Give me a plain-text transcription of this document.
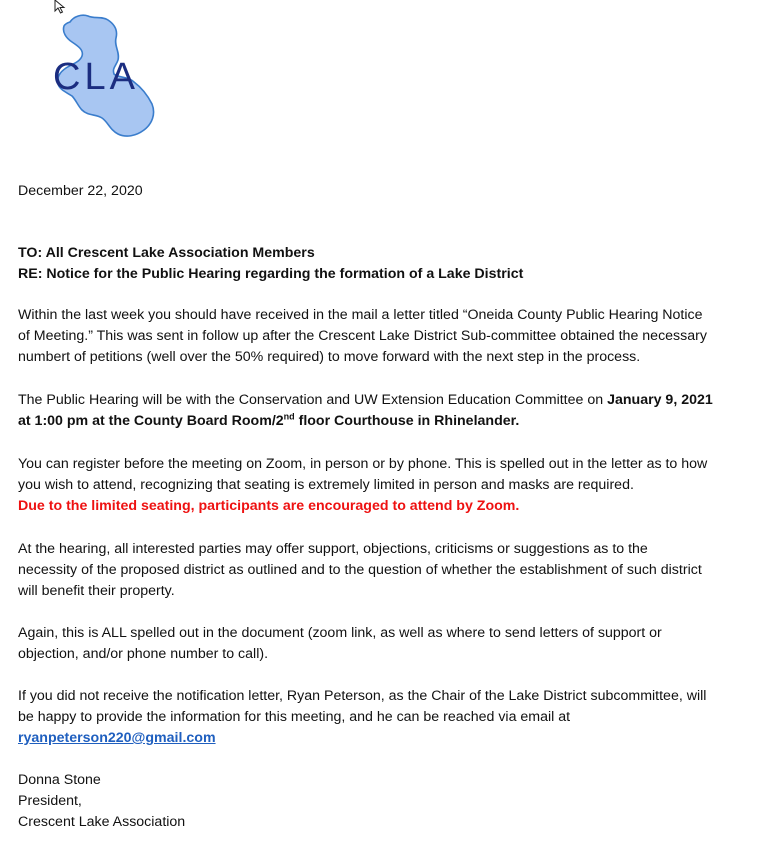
CLA
December 22, 2020
TO: All Crescent Lake Association Members
RE: Notice for the Public Hearing regarding the formation of a Lake District
Within the last week you should have received in the mail a letter titled “Oneida County Public Hearing Notice
of Meeting.” This was sent in follow up after the Crescent Lake District Sub-committee obtained the necessary
numbert of petitions (well over the 50% required) to move forward with the next step in the process.
The Public Hearing will be with the Conservation and UW Extension Education Committee on January 9, 2021
at 1:00 pm at the County Board Room/2nd floor Courthouse in Rhinelander.
You can register before the meeting on Zoom, in person or by phone. This is spelled out in the letter as to how
you wish to attend, recognizing that seating is extremely limited in person and masks are required.
Due to the limited seating, participants are encouraged to attend by Zoom.
At the hearing, all interested parties may offer support, objections, criticisms or suggestions as to the
necessity of the proposed district as outlined and to the question of whether the establishment of such district
will benefit their property.
Again, this is ALL spelled out in the document (zoom link, as well as where to send letters of support or
objection, and/or phone number to call).
If you did not receive the notification letter, Ryan Peterson, as the Chair of the Lake District subcommittee, will
be happy to provide the information for this meeting, and he can be reached via email at
ryanpeterson220@gmail.com
Donna Stone
President,
Crescent Lake Association
